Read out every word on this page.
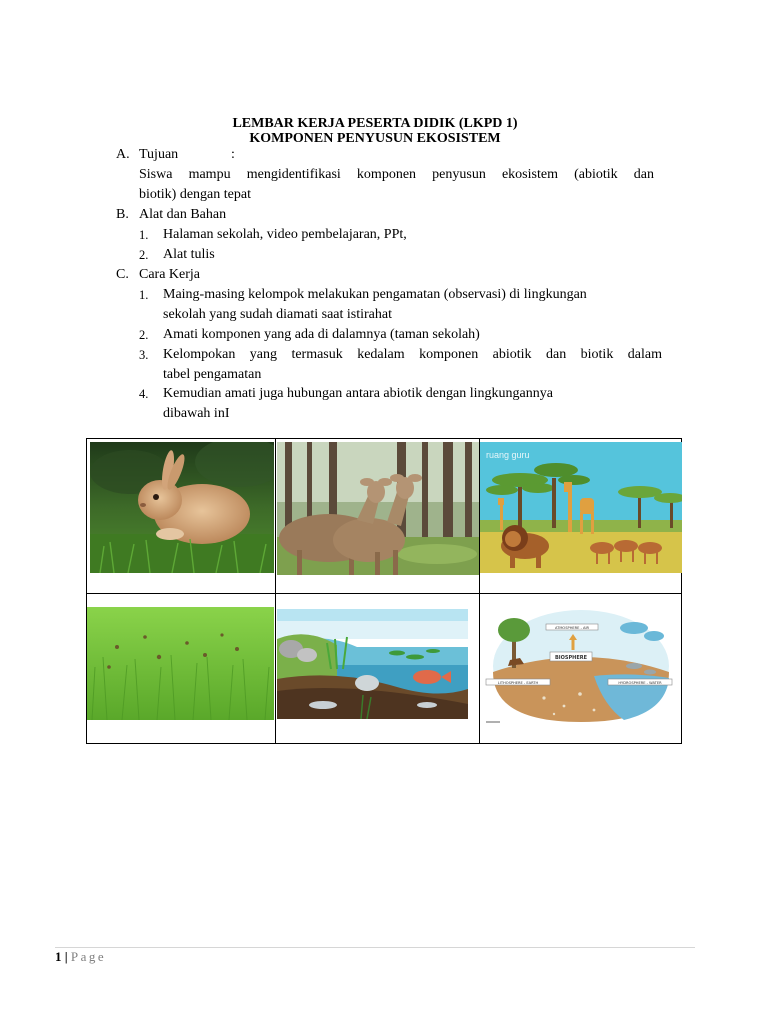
LEMBAR KERJA PESERTA DIDIK (LKPD 1)
KOMPONEN PENYUSUN EKOSISTEM
A. Tujuan	:
Siswa mampu mengidentifikasi komponen penyusun ekosistem (abiotik dan
biotik) dengan tepat
B. Alat dan Bahan
1. Halaman sekolah, video pembelajaran, PPt,
2. Alat tulis
C. Cara Kerja
1. Maing-masing kelompok melakukan pengamatan (observasi) di lingkungan
sekolah yang sudah diamati saat istirahat
2. Amati komponen yang ada di dalamnya (taman sekolah)
3. Kelompokan yang termasuk kedalam komponen abiotik dan biotik dalam
tabel pengamatan
4. Kemudian amati juga hubungan antara abiotik dengan lingkungannya
dibawah inI
ruang guru
ATMOSPHERE - AIR
BIOSPHERE
LITHOSPHERE - EARTH	HYDROSPHERE - WATER
1 | Page
